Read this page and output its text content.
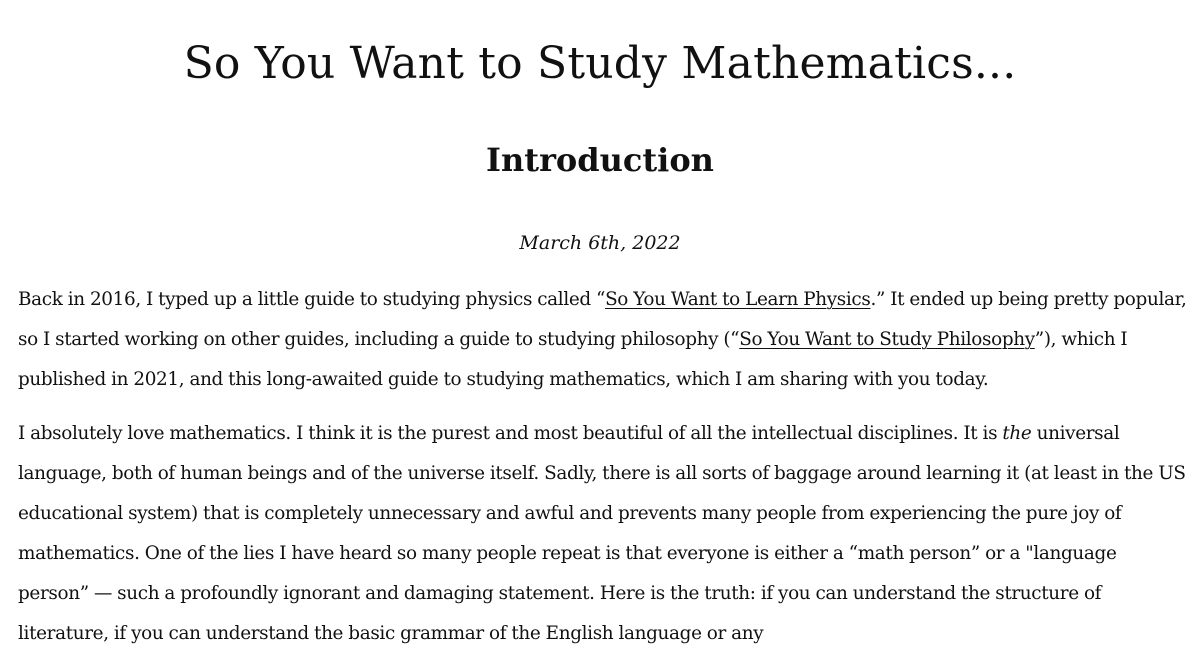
So You Want to Study Mathematics...
Introduction

March 6th, 2022

Back in 2016, I typed up a little guide to studying physics called “So You Want to Learn Physics.” It ended up being pretty popular, so I started working on other guides, including a guide to studying philosophy (“So You Want to Study Philosophy”), which I published in 2021, and this long-awaited guide to studying mathematics, which I am sharing with you today.

I absolutely love mathematics. I think it is the purest and most beautiful of all the intellectual disciplines. It is the universal language, both of human beings and of the universe itself. Sadly, there is all sorts of baggage around learning it (at least in the US educational system) that is completely unnecessary and awful and prevents many people from experiencing the pure joy of mathematics. One of the lies I have heard so many people repeat is that everyone is either a “math person” or a "language person” — such a profoundly ignorant and damaging statement. Here is the truth: if you can understand the structure of literature, if you can understand the basic grammar of the English language or any
